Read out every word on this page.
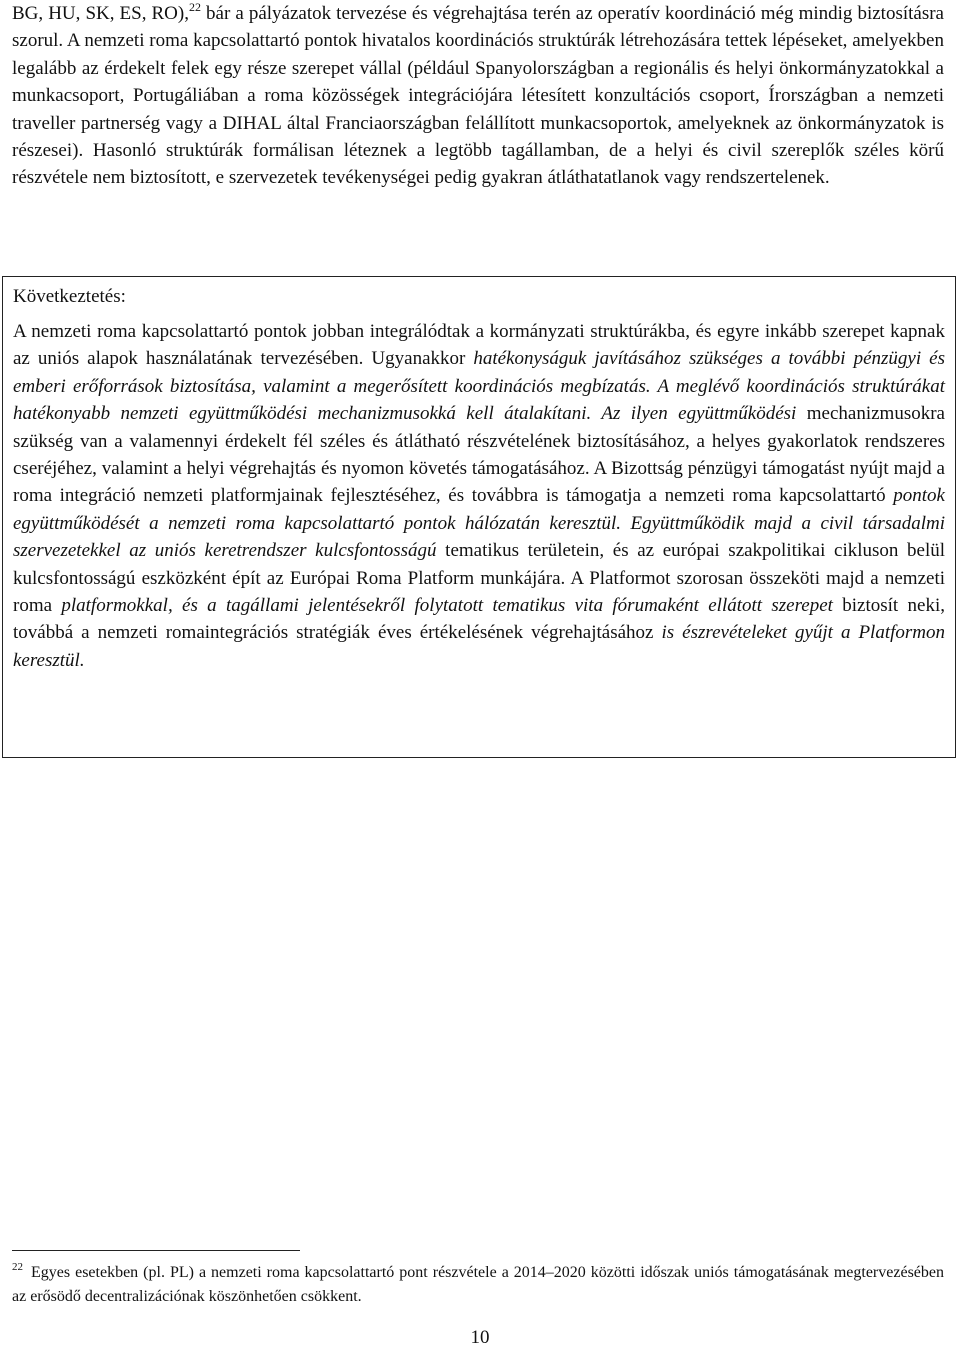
BG, HU, SK, ES, RO),$^{22}$ bár a pályázatok tervezése és végrehajtása terén az operatív koordináció még mindig biztosításra szorul. A nemzeti roma kapcsolattartó pontok hivatalos koordinációs struktúrák létrehozására tettek lépéseket, amelyekben legalább az érdekelt felek egy része szerepet vállal (például Spanyolországban a regionális és helyi önkormányzatokkal a munkacsoport, Portugáliában a roma közösségek integrációjára létesített konzultációs csoport, Írországban a nemzeti traveller partnerség vagy a DIHAL által Franciaországban felállított munkacsoportok, amelyeknek az önkormányzatok is részesei). Hasonló struktúrák formálisan léteznek a legtöbb tagállamban, de a helyi és civil szereplők széles körű részvétele nem biztosított, e szervezetek tevékenységei pedig gyakran átláthatatlanok vagy rendszertelenek.

Következtetés:

A nemzeti roma kapcsolattartó pontok jobban integrálódtak a kormányzati struktúrákba, és egyre inkább szerepet kapnak az uniós alapok használatának tervezésében. Ugyanakkor hatékonyságuk javításához szükséges a további pénzügyi és emberi erőforrások biztosítása, valamint a megerősített koordinációs megbízatás. A meglévő koordinációs struktúrákat hatékonyabb nemzeti együttműködési mechanizmusokká kell átalakítani. Az ilyen együttműködési mechanizmusokra szükség van a valamennyi érdekelt fél széles és átlátható részvételének biztosításához, a helyes gyakorlatok rendszeres cseréjéhez, valamint a helyi végrehajtás és nyomon követés támogatásához. A Bizottság pénzügyi támogatást nyújt majd a roma integráció nemzeti platformjainak fejlesztéséhez, és továbbra is támogatja a nemzeti roma kapcsolattartó pontok együttműködését a nemzeti roma kapcsolattartó pontok hálózatán keresztül. Együttműködik majd a civil társadalmi szervezetekkel az uniós keretrendszer kulcsfontosságú tematikus területein, és az európai szakpolitikai cikluson belül kulcsfontosságú eszközként épít az Európai Roma Platform munkájára. A Platformot szorosan összeköti majd a nemzeti roma platformokkal, és a tagállami jelentésekről folytatott tematikus vita fórumaként ellátott szerepet biztosít neki, továbbá a nemzeti romaintegrációs stratégiák éves értékelésének végrehajtásához is észrevételeket gyűjt a Platformon keresztül.

$^{22}$ Egyes esetekben (pl. PL) a nemzeti roma kapcsolattartó pont részvétele a 2014–2020 közötti időszak uniós támogatásának megtervezésében az erősödő decentralizációnak köszönhetően csökkent.

10
